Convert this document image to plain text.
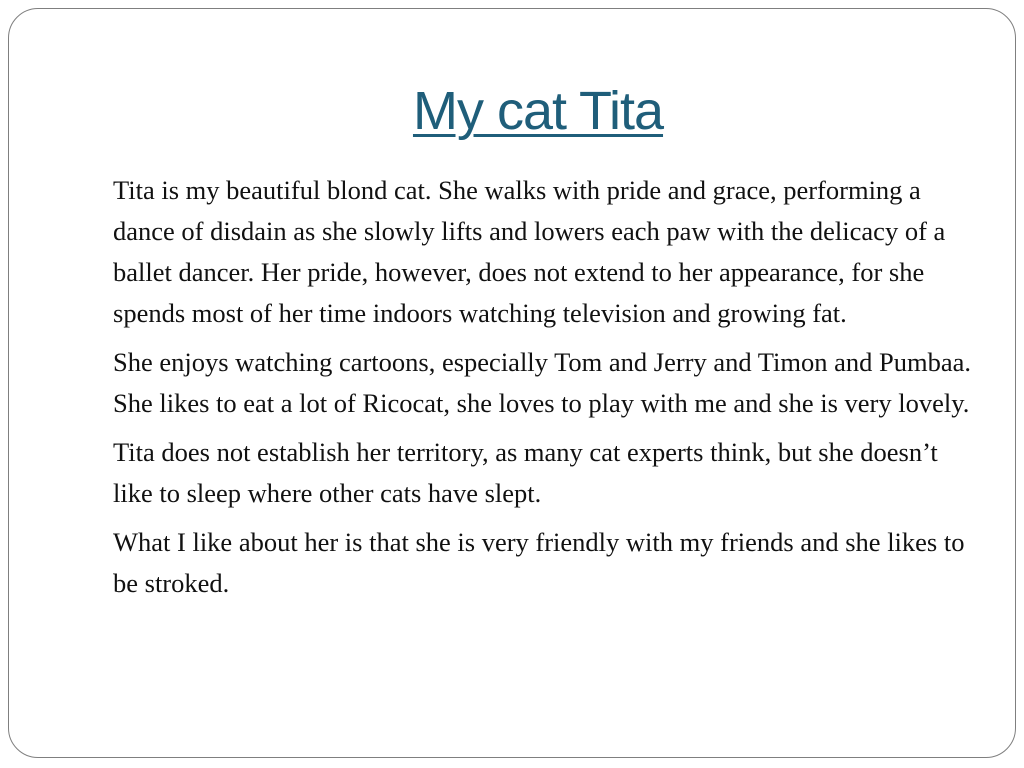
My cat Tita

Tita is my beautiful blond cat. She walks with pride and grace, performing a dance of disdain as she slowly lifts and lowers each paw with the delicacy of a ballet dancer. Her pride, however, does not extend to her appearance, for she spends most of her time indoors watching television and growing fat.

She enjoys watching cartoons, especially Tom and Jerry and Timon and Pumbaa. She likes to eat a lot of Ricocat, she loves to play with me and she is very lovely.

Tita does not establish her territory, as many cat experts think, but she doesn’t like to sleep where other cats have slept.

What I like about her is that she is very friendly with my friends and she likes to be stroked.
